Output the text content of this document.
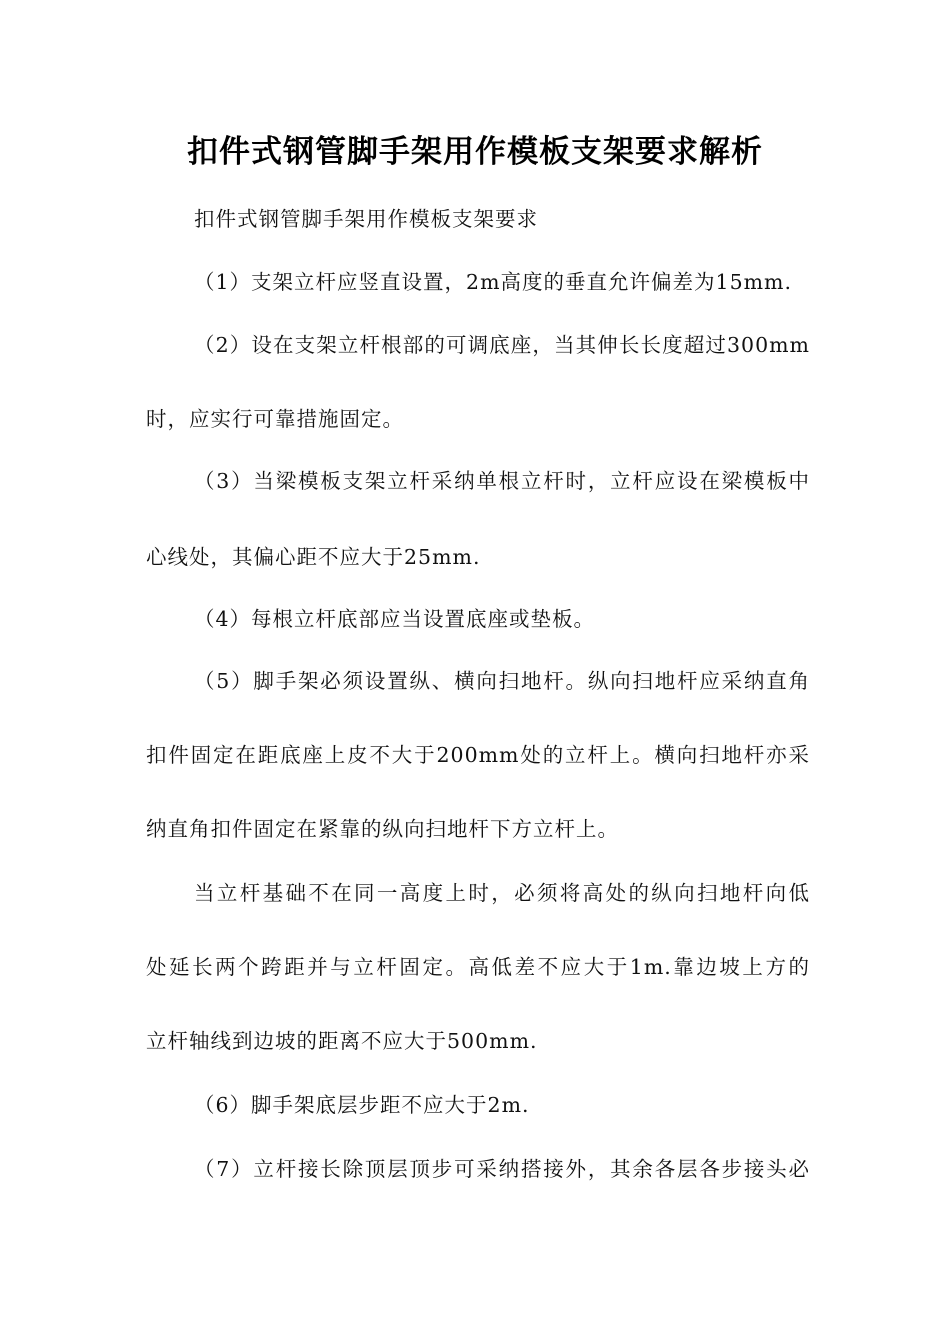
扣件式钢管脚手架用作模板支架要求解析
扣件式钢管脚手架用作模板支架要求
（1）支架立杆应竖直设置，2m高度的垂直允许偏差为15mm.
（2）设在支架立杆根部的可调底座，当其伸长长度超过300mm
时，应实行可靠措施固定。
（3）当梁模板支架立杆采纳单根立杆时，立杆应设在梁模板中
心线处，其偏心距不应大于25mm.
（4）每根立杆底部应当设置底座或垫板。
（5）脚手架必须设置纵、横向扫地杆。纵向扫地杆应采纳直角
扣件固定在距底座上皮不大于200mm处的立杆上。横向扫地杆亦采
纳直角扣件固定在紧靠的纵向扫地杆下方立杆上。
当立杆基础不在同一高度上时，必须将高处的纵向扫地杆向低
处延长两个跨距并与立杆固定。高低差不应大于1m.靠边坡上方的
立杆轴线到边坡的距离不应大于500mm.
（6）脚手架底层步距不应大于2m.
（7）立杆接长除顶层顶步可采纳搭接外，其余各层各步接头必
